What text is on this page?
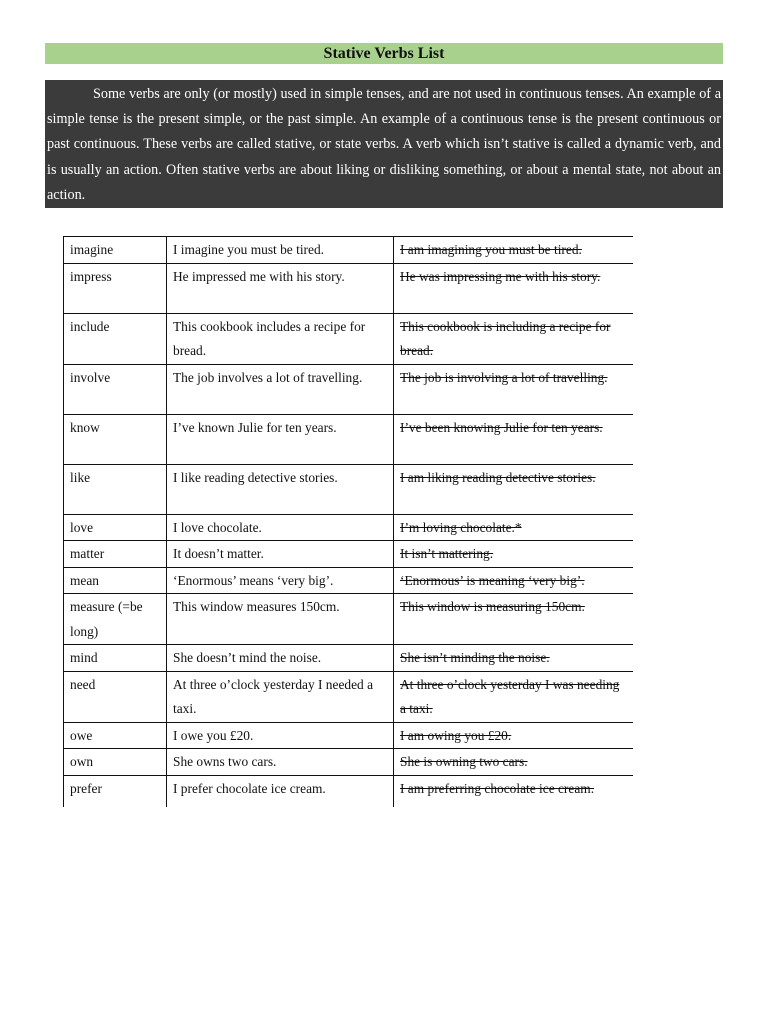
Stative Verbs List

Some verbs are only (or mostly) used in simple tenses, and are not used in continuous tenses. An example of a simple tense is the present simple, or the past simple. An example of a continuous tense is the present continuous or past continuous. These verbs are called stative, or state verbs. A verb which isn’t stative is called a dynamic verb, and is usually an action. Often stative verbs are about liking or disliking something, or about a mental state, not about an action.

imagine	I imagine you must be tired.	I am imagining you must be tired.
impress	He impressed me with his story.	He was impressing me with his story.
include	This cookbook includes a recipe for bread.	This cookbook is including a recipe for bread.
involve	The job involves a lot of travelling.	The job is involving a lot of travelling.
know	I’ve known Julie for ten years.	I’ve been knowing Julie for ten years.
like	I like reading detective stories.	I am liking reading detective stories.
love	I love chocolate.	I’m loving chocolate.*
matter	It doesn’t matter.	It isn’t mattering.
mean	‘Enormous’ means ‘very big’.	‘Enormous’ is meaning ‘very big’.
measure (=be long)	This window measures 150cm.	This window is measuring 150cm.
mind	She doesn’t mind the noise.	She isn’t minding the noise.
need	At three o’clock yesterday I needed a taxi.	At three o’clock yesterday I was needing a taxi.
owe	I owe you £20.	I am owing you £20.
own	She owns two cars.	She is owning two cars.
prefer	I prefer chocolate ice cream.	I am preferring chocolate ice cream.
